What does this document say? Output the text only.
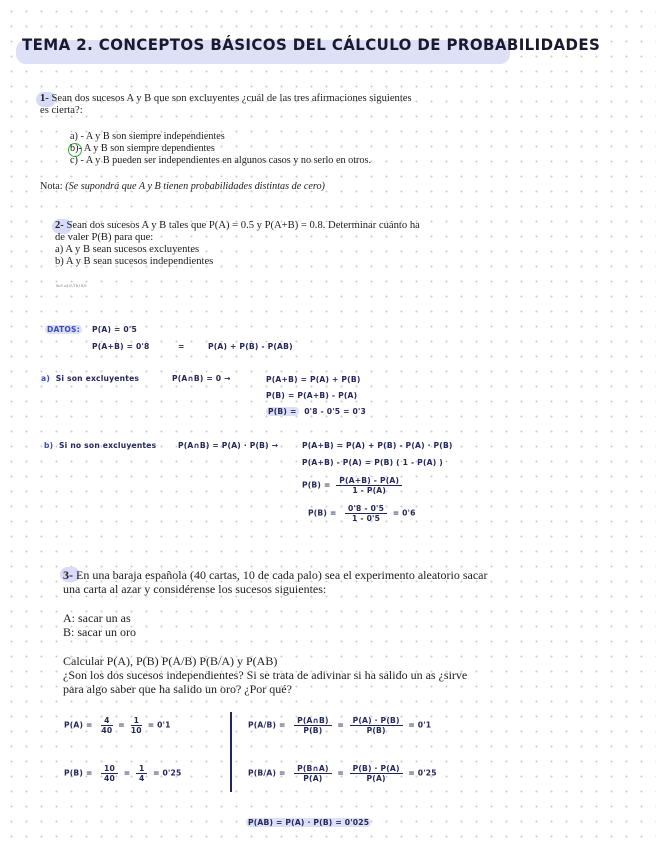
TEMA 2. CONCEPTOS BÁSICOS DEL CÁLCULO DE PROBABILIDADES
1- Sean dos sucesos A y B que son excluyentes ¿cuál de las tres afirmaciones siguientes
es cierta?:
a) - A y B son siempre independientes
b)- A y B son siempre dependientes
c) - A y B pueden ser independientes en algunos casos y no serlo en otros.
Nota: (Se supondrá que A y B tienen probabilidades distintas de cero)
2- Sean dos sucesos A y B tales que P(A) = 0.5 y P(A+B) = 0.8. Determinar cuánto ha
de valer P(B) para que:
a) A y B sean sucesos excluyentes
b) A y B sean sucesos independientes
Sol: a) 0,3 b) 0,6
DATOS: P(A) = 0'5
P(A+B) = 0'8	=	P(A) + P(B) - P(AB)
a) Si son excluyentes	P(A∩B) = 0 →	P(A+B) = P(A) + P(B)
P(B) = P(A+B) - P(A)
P(B) = 0'8 - 0'5 = 0'3
b) Si no son excluyentes	P(A∩B) = P(A) · P(B) →	P(A+B) = P(A) + P(B) - P(A) · P(B)
P(A+B) - P(A) = P(B) ( 1 - P(A) )
$P(B) = \frac{P(A+B) - P(A)}{1 - P(A)}$
$P(B) = \frac{0'8 - 0'5}{1 - 0'5} = 0'6$
3- En una baraja española (40 cartas, 10 de cada palo) sea el experimento aleatorio sacar
una carta al azar y considérense los sucesos siguientes:
A: sacar un as
B: sacar un oro
Calcular P(A), P(B) P(A/B) P(B/A) y P(AB)
¿Son los dos sucesos independientes? Si se trata de adivinar si ha salido un as ¿sirve
para algo saber que ha salido un oro? ¿Por qué?
$P(A) = \frac{4}{40} = \frac{1}{10} = 0'1$
$P(B) = \frac{10}{40} = \frac{1}{4} = 0'25$
$P(A/B) = \frac{P(A\cap B)}{P(B)} = \frac{P(A) \cdot P(B)}{P(B)} = 0'1$
$P(B/A) = \frac{P(B\cap A)}{P(A)} = \frac{P(B) \cdot P(A)}{P(A)} = 0'25$
P(AB) = P(A) · P(B) = 0'025
